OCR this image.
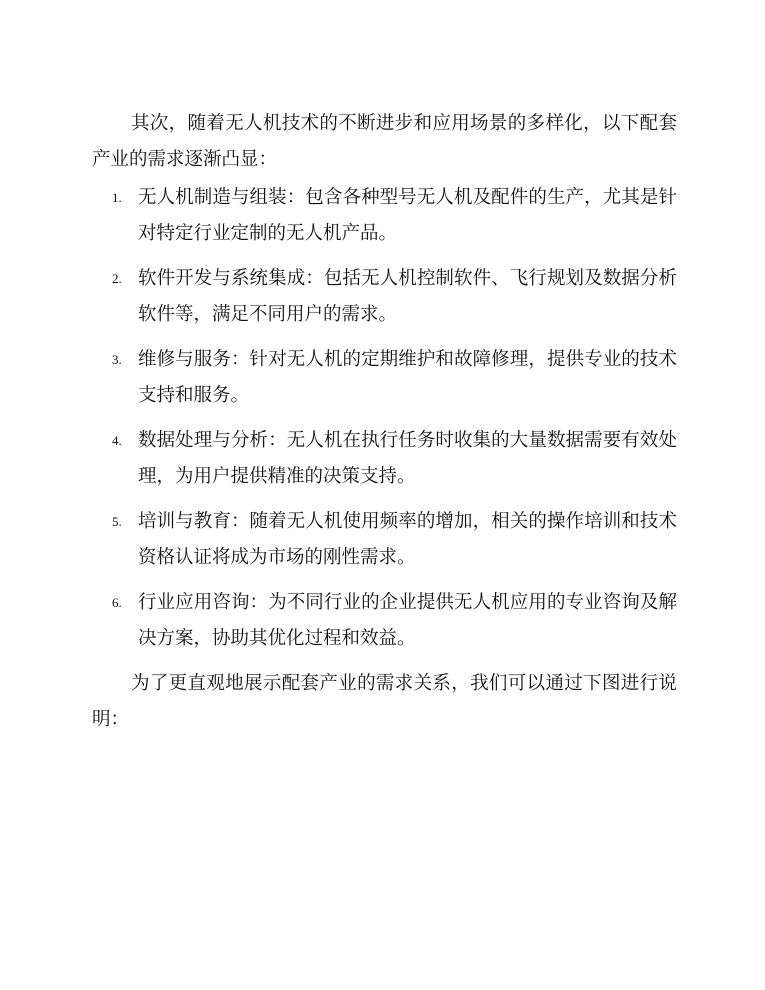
其次，随着无人机技术的不断进步和应用场景的多样化，以下配套产业的需求逐渐凸显：

1. 无人机制造与组装：包含各种型号无人机及配件的生产，尤其是针对特定行业定制的无人机产品。

2. 软件开发与系统集成：包括无人机控制软件、飞行规划及数据分析软件等，满足不同用户的需求。

3. 维修与服务：针对无人机的定期维护和故障修理，提供专业的技术支持和服务。

4. 数据处理与分析：无人机在执行任务时收集的大量数据需要有效处理，为用户提供精准的决策支持。

5. 培训与教育：随着无人机使用频率的增加，相关的操作培训和技术资格认证将成为市场的刚性需求。

6. 行业应用咨询：为不同行业的企业提供无人机应用的专业咨询及解决方案，协助其优化过程和效益。

为了更直观地展示配套产业的需求关系，我们可以通过下图进行说明：
